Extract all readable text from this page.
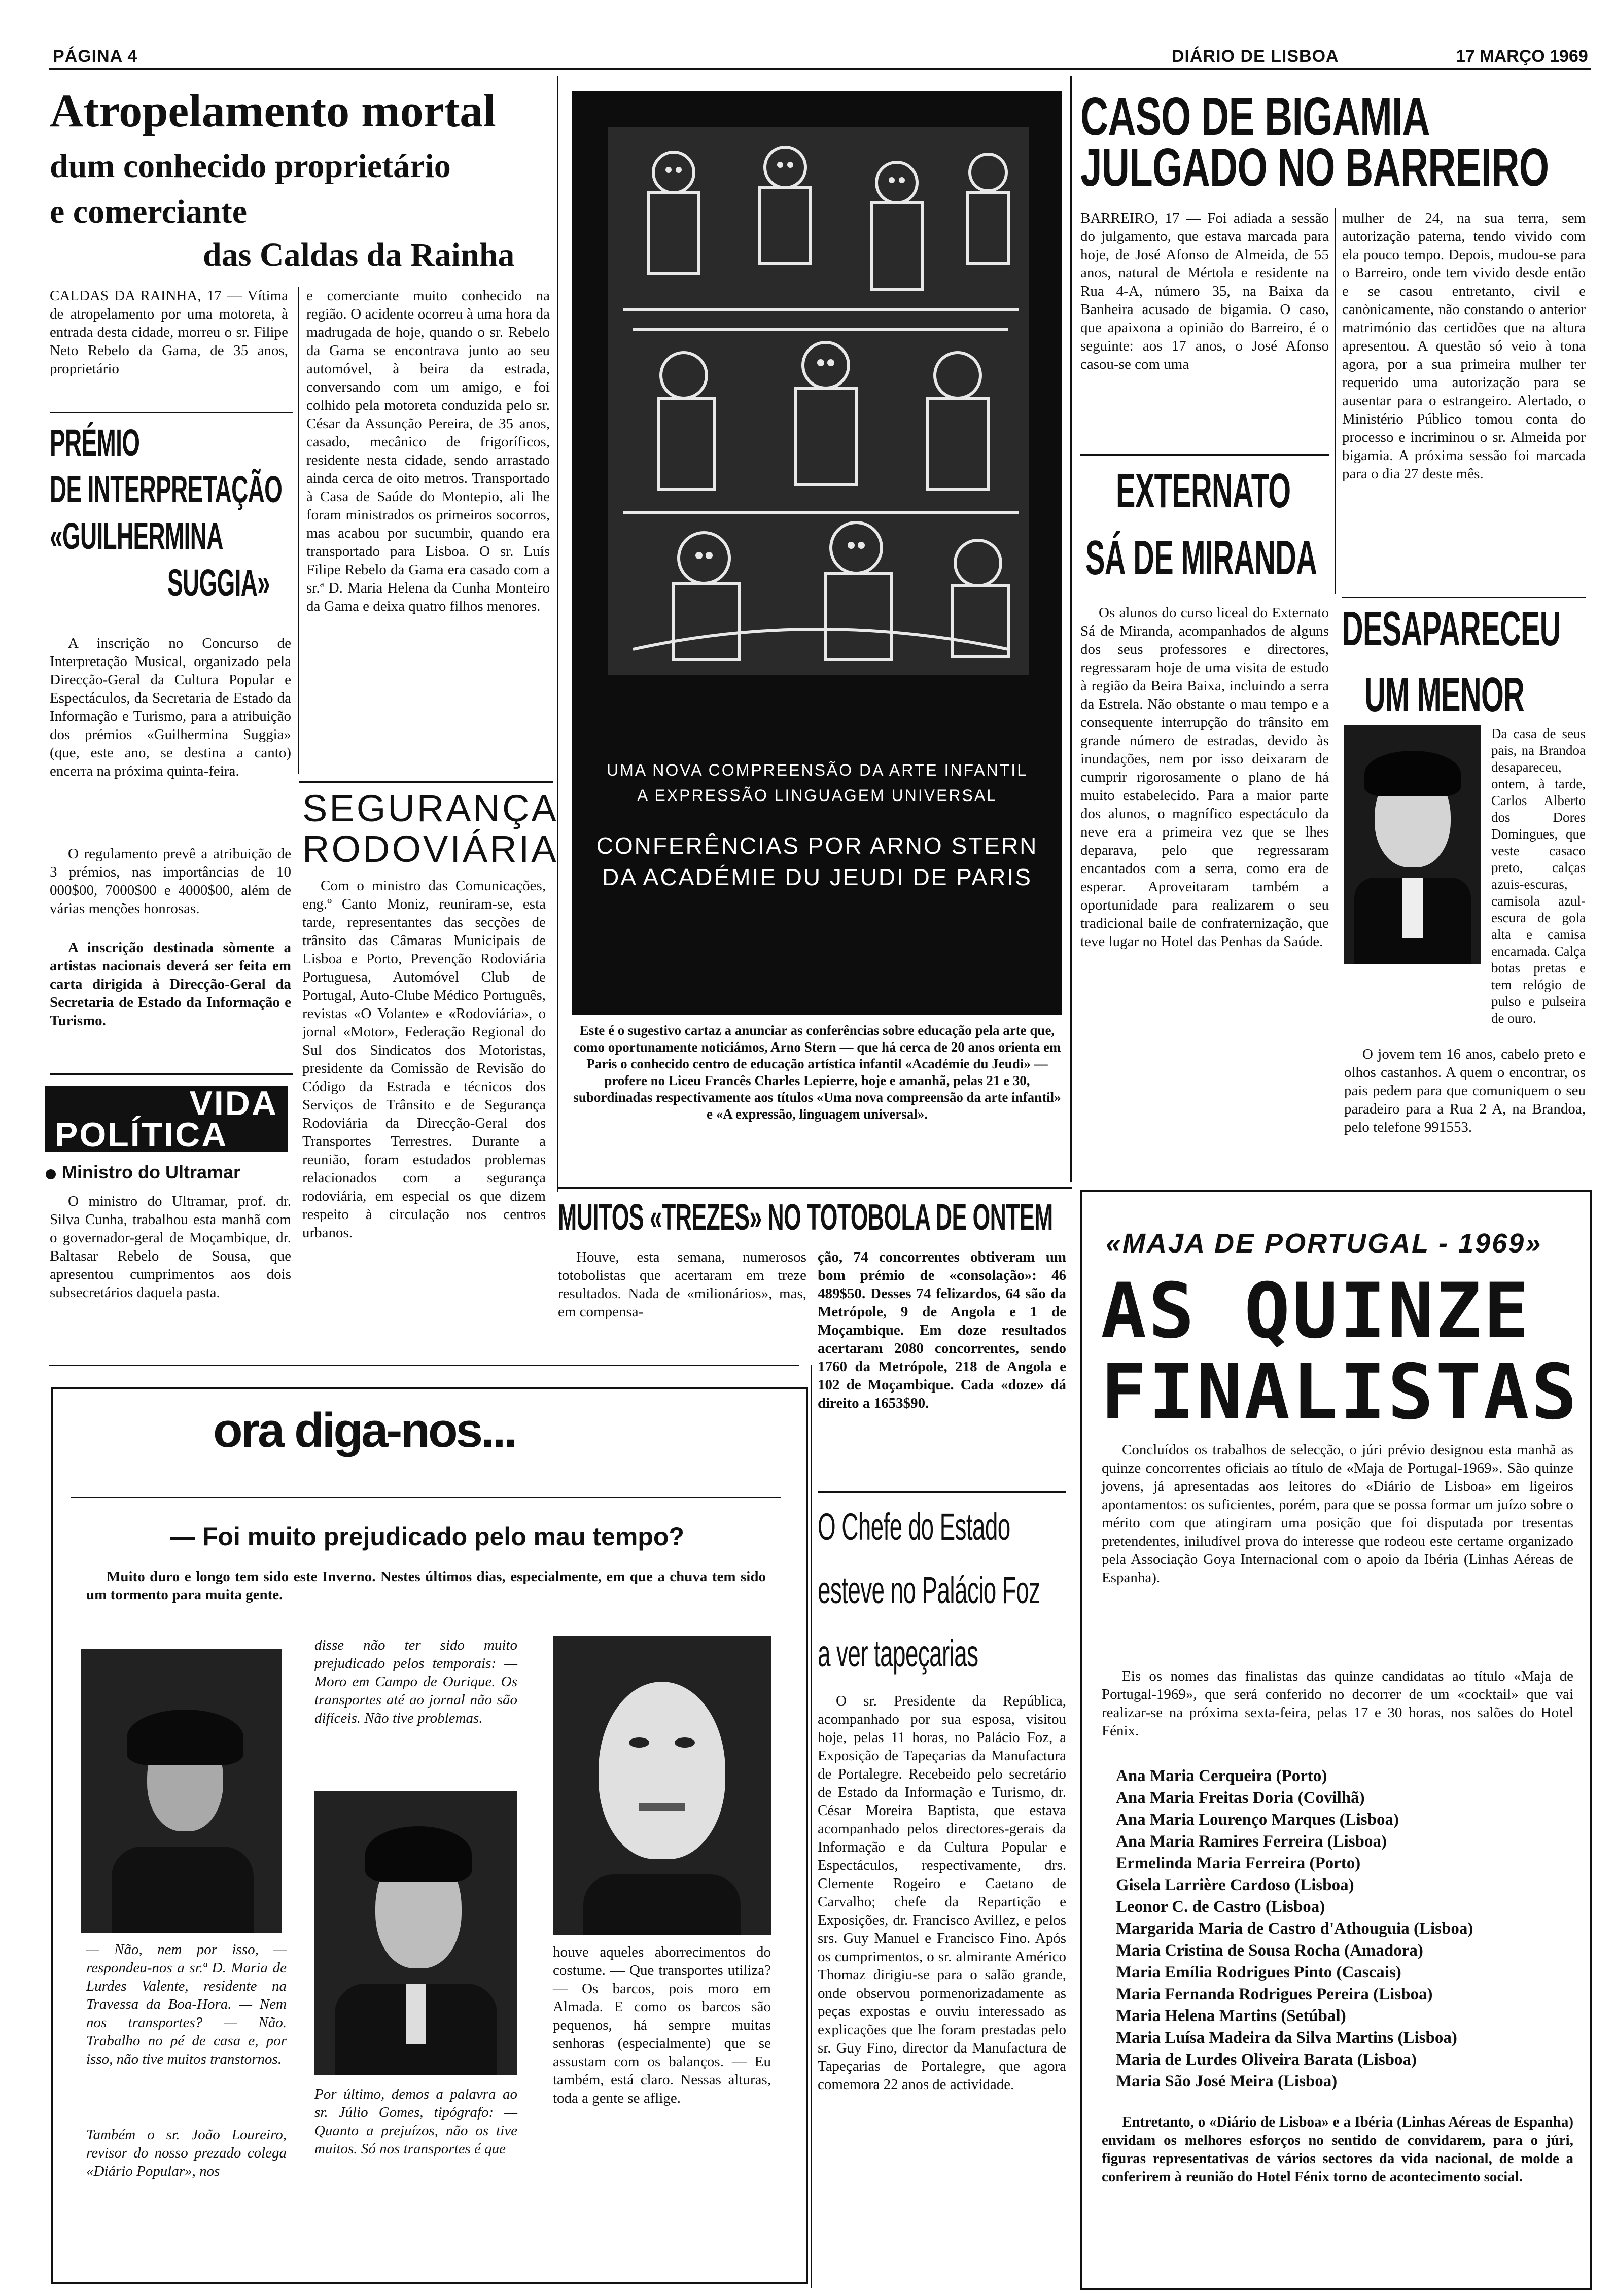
PÁGINA 4	DIÁRIO DE LISBOA	17 MARÇO 1969
Atropelamento mortal
dum conhecido proprietário
e comerciante
das Caldas da Rainha
CALDAS DA RAINHA, 17 — Vítima de atropelamento por uma motoreta, à entrada desta cidade, morreu o sr. Filipe Neto Rebelo da Gama, de 35 anos, proprietário
e comerciante muito conhecido na região. O acidente ocorreu à uma hora da madrugada de hoje, quando o sr. Rebelo da Gama se encontrava junto ao seu automóvel, à beira da estrada, conversando com um amigo, e foi colhido pela motoreta conduzida pelo sr. César da Assunção Pereira, de 35 anos, casado, mecânico de frigoríficos, residente nesta cidade, sendo arrastado ainda cerca de oito metros. Transportado à Casa de Saúde do Montepio, ali lhe foram ministrados os primeiros socorros, mas acabou por sucumbir, quando era transportado para Lisboa. O sr. Luís Filipe Rebelo da Gama era casado com a sr.ª D. Maria Helena da Cunha Monteiro da Gama e deixa quatro filhos menores.
PRÉMIO
DE INTERPRETAÇÃO
«GUILHERMINA
SUGGIA»
A inscrição no Concurso de Interpretação Musical, organizado pela Direcção-Geral da Cultura Popular e Espectáculos, da Secretaria de Estado da Informação e Turismo, para a atribuição dos prémios «Guilhermina Suggia» (que, este ano, se destina a canto) encerra na próxima quinta-feira.
O regulamento prevê a atribuição de 3 prémios, nas importâncias de 10 000$00, 7000$00 e 4000$00, além de várias menções honrosas.
A inscrição destinada sòmente a artistas nacionais deverá ser feita em carta dirigida à Direcção-Geral da Secretaria de Estado da Informação e Turismo.
VIDA
POLÍTICA
Ministro do Ultramar
O ministro do Ultramar, prof. dr. Silva Cunha, trabalhou esta manhã com o governador-geral de Moçambique, dr. Baltasar Rebelo de Sousa, que apresentou cumprimentos aos dois subsecretários daquela pasta.
SEGURANÇA
RODOVIÁRIA
Com o ministro das Comunicações, eng.º Canto Moniz, reuniram-se, esta tarde, representantes das secções de trânsito das Câmaras Municipais de Lisboa e Porto, Prevenção Rodoviária Portuguesa, Automóvel Club de Portugal, Auto-Clube Médico Português, revistas «O Volante» e «Rodoviária», o jornal «Motor», Federação Regional do Sul dos Sindicatos dos Motoristas, presidente da Comissão de Revisão do Código da Estrada e técnicos dos Serviços de Trânsito e de Segurança Rodoviária da Direcção-Geral dos Transportes Terrestres. Durante a reunião, foram estudados problemas relacionados com a segurança rodoviária, em especial os que dizem respeito à circulação nos centros urbanos.
UMA NOVA COMPREENSÃO DA ARTE INFANTIL
A EXPRESSÃO LINGUAGEM UNIVERSAL
CONFERÊNCIAS POR ARNO STERN
DA ACADÉMIE DU JEUDI DE PARIS
Este é o sugestivo cartaz a anunciar as conferências sobre educação pela arte que, como oportunamente noticiámos, Arno Stern — que há cerca de 20 anos orienta em Paris o conhecido centro de educação artística infantil «Académie du Jeudi» — profere no Liceu Francês Charles Lepierre, hoje e amanhã, pelas 21 e 30, subordinadas respectivamente aos títulos «Uma nova compreensão da arte infantil» e «A expressão, linguagem universal».
CASO DE BIGAMIA
JULGADO NO BARREIRO
BARREIRO, 17 — Foi adiada a sessão do julgamento, que estava marcada para hoje, de José Afonso de Almeida, de 55 anos, natural de Mértola e residente na Rua 4-A, número 35, na Baixa da Banheira acusado de bigamia. O caso, que apaixona a opinião do Barreiro, é o seguinte: aos 17 anos, o José Afonso casou-se com uma
mulher de 24, na sua terra, sem autorização paterna, tendo vivido com ela pouco tempo. Depois, mudou-se para o Barreiro, onde tem vivido desde então e se casou entretanto, civil e canònicamente, não constando o anterior matrimónio das certidões que na altura apresentou. A questão só veio à tona agora, por a sua primeira mulher ter requerido uma autorização para se ausentar para o estrangeiro. Alertado, o Ministério Público tomou conta do processo e incriminou o sr. Almeida por bigamia. A próxima sessão foi marcada para o dia 27 deste mês.
EXTERNATO
SÁ DE MIRANDA
Os alunos do curso liceal do Externato Sá de Miranda, acompanhados de alguns dos seus professores e directores, regressaram hoje de uma visita de estudo à região da Beira Baixa, incluindo a serra da Estrela. Não obstante o mau tempo e a consequente interrupção do trânsito em grande número de estradas, devido às inundações, nem por isso deixaram de cumprir rigorosamente o plano de há muito estabelecido. Para a maior parte dos alunos, o magnífico espectáculo da neve era a primeira vez que se lhes deparava, pelo que regressaram encantados com a serra, como era de esperar. Aproveitaram também a oportunidade para realizarem o seu tradicional baile de confraternização, que teve lugar no Hotel das Penhas da Saúde.
DESAPARECEU
UM MENOR
Da casa de seus pais, na Brandoa desapareceu, ontem, à tarde, Carlos Alberto dos Dores Domingues, que veste casaco preto, calças azuis-escuras, camisola azul-escura de gola alta e camisa encarnada. Calça botas pretas e tem relógio de pulso e pulseira de ouro.
O jovem tem 16 anos, cabelo preto e olhos castanhos. A quem o encontrar, os pais pedem para que comuniquem o seu paradeiro para a Rua 2 A, na Brandoa, pelo telefone 991553.
MUITOS «TREZES» NO TOTOBOLA DE ONTEM
Houve, esta semana, numerosos totobolistas que acertaram em treze resultados. Nada de «milionários», mas, em compensa-
ção, 74 concorrentes obtiveram um bom prémio de «consolação»: 46 489$50. Desses 74 felizardos, 64 são da Metrópole, 9 de Angola e 1 de Moçambique. Em doze resultados acertaram 2080 concorrentes, sendo 1760 da Metrópole, 218 de Angola e 102 de Moçambique. Cada «doze» dá direito a 1653$90.
«MAJA DE PORTUGAL - 1969»
AS QUINZE
FINALISTAS
Concluídos os trabalhos de selecção, o júri prévio designou esta manhã as quinze concorrentes oficiais ao título de «Maja de Portugal-1969». São quinze jovens, já apresentadas aos leitores do «Diário de Lisboa» em ligeiros apontamentos: os suficientes, porém, para que se possa formar um juízo sobre o mérito com que atingiram uma posição que foi disputada por tresentas pretendentes, iniludível prova do interesse que rodeou este certame organizado pela Associação Goya Internacional com o apoio da Ibéria (Linhas Aéreas de Espanha).
Eis os nomes das finalistas das quinze candidatas ao título «Maja de Portugal-1969», que será conferido no decorrer de um «cocktail» que vai realizar-se na próxima sexta-feira, pelas 17 e 30 horas, nos salões do Hotel Fénix.
Ana Maria Cerqueira (Porto)
Ana Maria Freitas Doria (Covilhã)
Ana Maria Lourenço Marques (Lisboa)
Ana Maria Ramires Ferreira (Lisboa)
Ermelinda Maria Ferreira (Porto)
Gisela Larrière Cardoso (Lisboa)
Leonor C. de Castro (Lisboa)
Margarida Maria de Castro d'Athouguia (Lisboa)
Maria Cristina de Sousa Rocha (Amadora)
Maria Emília Rodrigues Pinto (Cascais)
Maria Fernanda Rodrigues Pereira (Lisboa)
Maria Helena Martins (Setúbal)
Maria Luísa Madeira da Silva Martins (Lisboa)
Maria de Lurdes Oliveira Barata (Lisboa)
Maria São José Meira (Lisboa)
Entretanto, o «Diário de Lisboa» e a Ibéria (Linhas Aéreas de Espanha) envidam os melhores esforços no sentido de convidarem, para o júri, figuras representativas de vários sectores da vida nacional, de molde a conferirem à reunião do Hotel Fénix torno de acontecimento social.
ora diga-nos...
— Foi muito prejudicado pelo mau tempo?
Muito duro e longo tem sido este Inverno. Nestes últimos dias, especialmente, em que a chuva tem sido um tormento para muita gente.
— Não, nem por isso, — respondeu-nos a sr.ª D. Maria de Lurdes Valente, residente na Travessa da Boa-Hora. — Nem nos transportes? — Não. Trabalho no pé de casa e, por isso, não tive muitos transtornos.
Também o sr. João Loureiro, revisor do nosso prezado colega «Diário Popular», nos
disse não ter sido muito prejudicado pelos temporais: — Moro em Campo de Ourique. Os transportes até ao jornal não são difíceis. Não tive problemas.
Por último, demos a palavra ao sr. Júlio Gomes, tipógrafo: — Quanto a prejuízos, não os tive muitos. Só nos transportes é que
houve aqueles aborrecimentos do costume. — Que transportes utiliza? — Os barcos, pois moro em Almada. E como os barcos são pequenos, há sempre muitas senhoras (especialmente) que se assustam com os balanços. — Eu também, está claro. Nessas alturas, toda a gente se aflige.
O Chefe do Estado
esteve no Palácio Foz
a ver tapeçarias
O sr. Presidente da República, acompanhado por sua esposa, visitou hoje, pelas 11 horas, no Palácio Foz, a Exposição de Tapeçarias da Manufactura de Portalegre. Recebeido pelo secretário de Estado da Informação e Turismo, dr. César Moreira Baptista, que estava acompanhado pelos directores-gerais da Informação e da Cultura Popular e Espectáculos, respectivamente, drs. Clemente Rogeiro e Caetano de Carvalho; chefe da Repartição e Exposições, dr. Francisco Avillez, e pelos srs. Guy Manuel e Francisco Fino. Após os cumprimentos, o sr. almirante Américo Thomaz dirigiu-se para o salão grande, onde observou pormenorizadamente as peças expostas e ouviu interessado as explicações que lhe foram prestadas pelo sr. Guy Fino, director da Manufactura de Tapeçarias de Portalegre, que agora comemora 22 anos de actividade.
